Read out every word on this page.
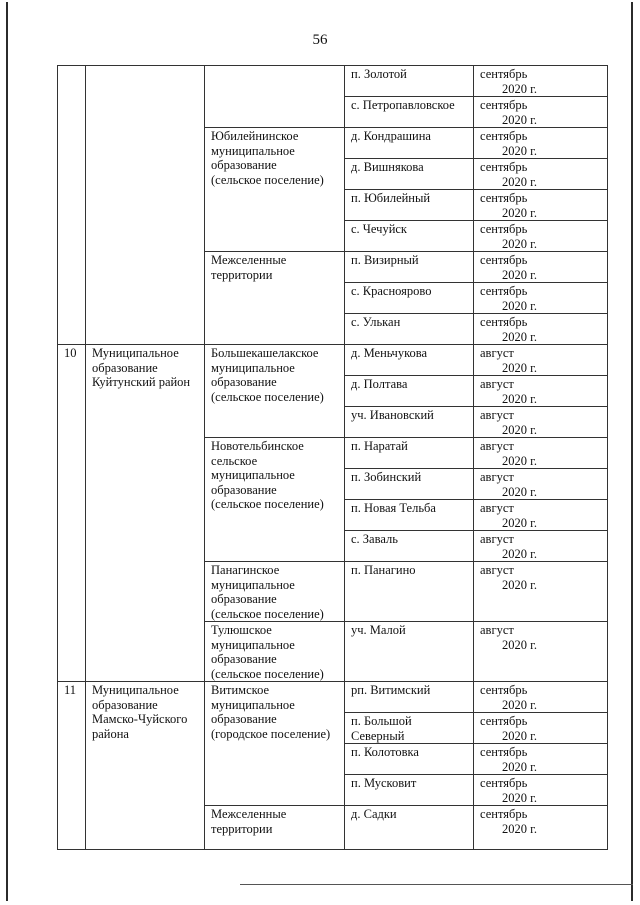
56
			п. Золотой	сентябрь
2020 г.

			с. Петропавловское	сентябрь
2020 г.

		Юбилейнинское
муниципальное
образование
(сельское поселение)	д. Кондрашина	сентябрь
2020 г.

			д. Вишнякова	сентябрь
2020 г.

			п. Юбилейный	сентябрь
2020 г.

			с. Чечуйск	сентябрь
2020 г.

		Межселенные
территории	п. Визирный	сентябрь
2020 г.

			с. Красноярово	сентябрь
2020 г.

			с. Улькан	сентябрь
2020 г.

10	Муниципальное
образование
Куйтунский район	Большекашелакское
муниципальное
образование
(сельское поселение)	д. Меньчукова	август
2020 г.

			д. Полтава	август
2020 г.

			уч. Ивановский	август
2020 г.

		Новотельбинское
сельское
муниципальное
образование
(сельское поселение)	п. Наратай	август
2020 г.

			п. Зобинский	август
2020 г.

			п. Новая Тельба	август
2020 г.

			с. Заваль	август
2020 г.

		Панагинское
муниципальное
образование
(сельское поселение)	п. Панагино	август
2020 г.

		Тулюшское
муниципальное
образование
(сельское поселение)	уч. Малой	август
2020 г.

11	Муниципальное
образование
Мамско-Чуйского
района	Витимское
муниципальное
образование
(городское поселение)	рп. Витимский	сентябрь
2020 г.

			п. Большой
Северный	сентябрь
2020 г.

			п. Колотовка	сентябрь
2020 г.

			п. Мусковит	сентябрь
2020 г.

		Межселенные
территории	д. Садки	сентябрь
2020 г.
